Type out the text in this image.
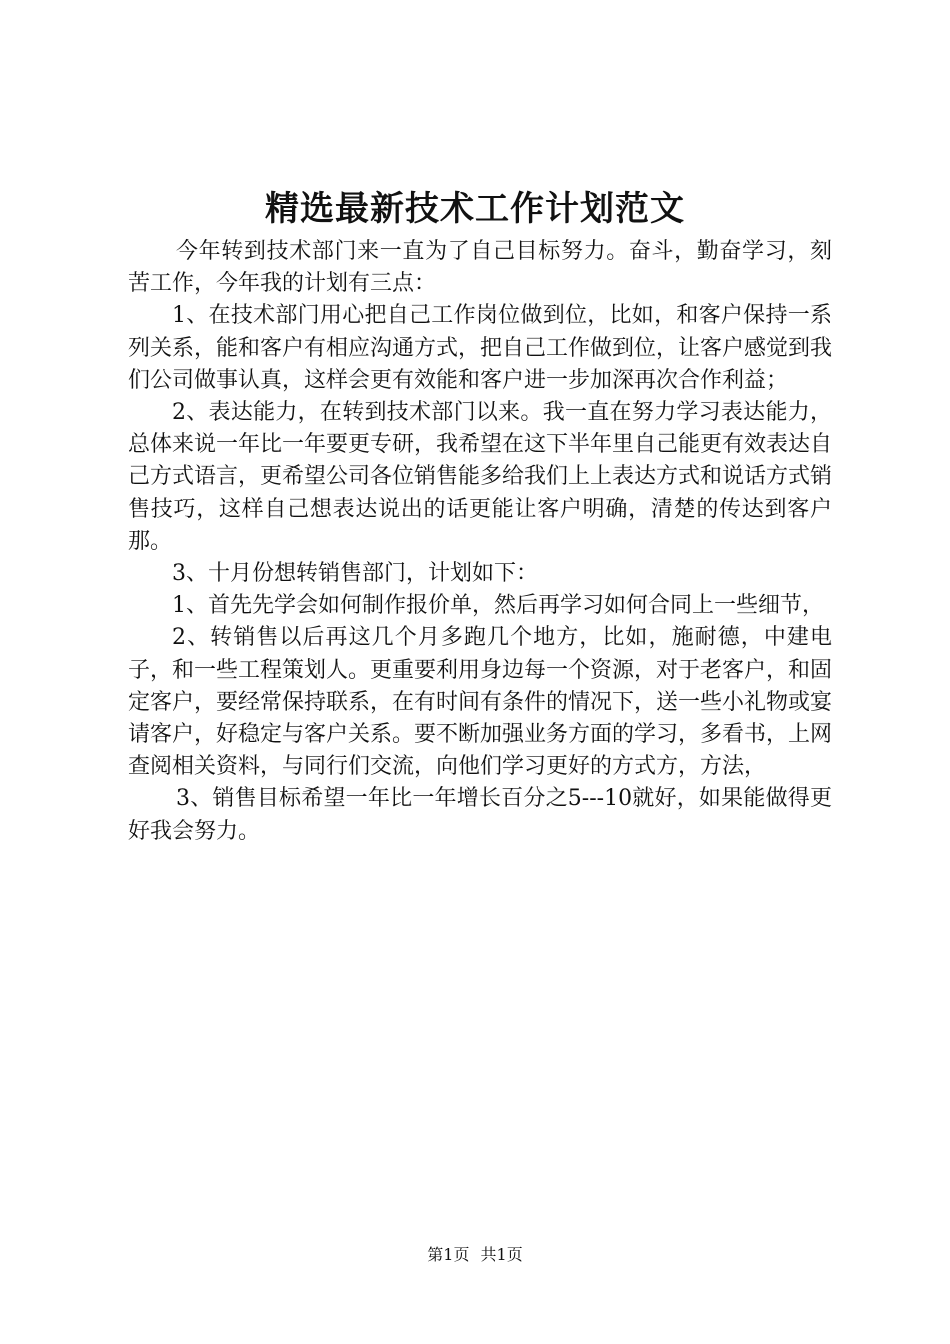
精选最新技术工作计划范文

今年转到技术部门来一直为了自己目标努力。奋斗，勤奋学习，刻苦工作，今年我的计划有三点：

1、在技术部门用心把自己工作岗位做到位，比如，和客户保持一系列关系，能和客户有相应沟通方式，把自己工作做到位，让客户感觉到我们公司做事认真，这样会更有效能和客户进一步加深再次合作利益；

2、表达能力，在转到技术部门以来。我一直在努力学习表达能力，总体来说一年比一年要更专研，我希望在这下半年里自己能更有效表达自己方式语言，更希望公司各位销售能多给我们上上表达方式和说话方式销售技巧，这样自己想表达说出的话更能让客户明确，清楚的传达到客户那。

3、十月份想转销售部门，计划如下：

1、首先先学会如何制作报价单，然后再学习如何合同上一些细节，

2、转销售以后再这几个月多跑几个地方，比如，施耐德，中建电子，和一些工程策划人。更重要利用身边每一个资源，对于老客户，和固定客户，要经常保持联系，在有时间有条件的情况下，送一些小礼物或宴请客户，好稳定与客户关系。要不断加强业务方面的学习，多看书，上网查阅相关资料，与同行们交流，向他们学习更好的方式方，方法，

3、销售目标希望一年比一年增长百分之5---10就好，如果能做得更好我会努力。

第1页 共1页
